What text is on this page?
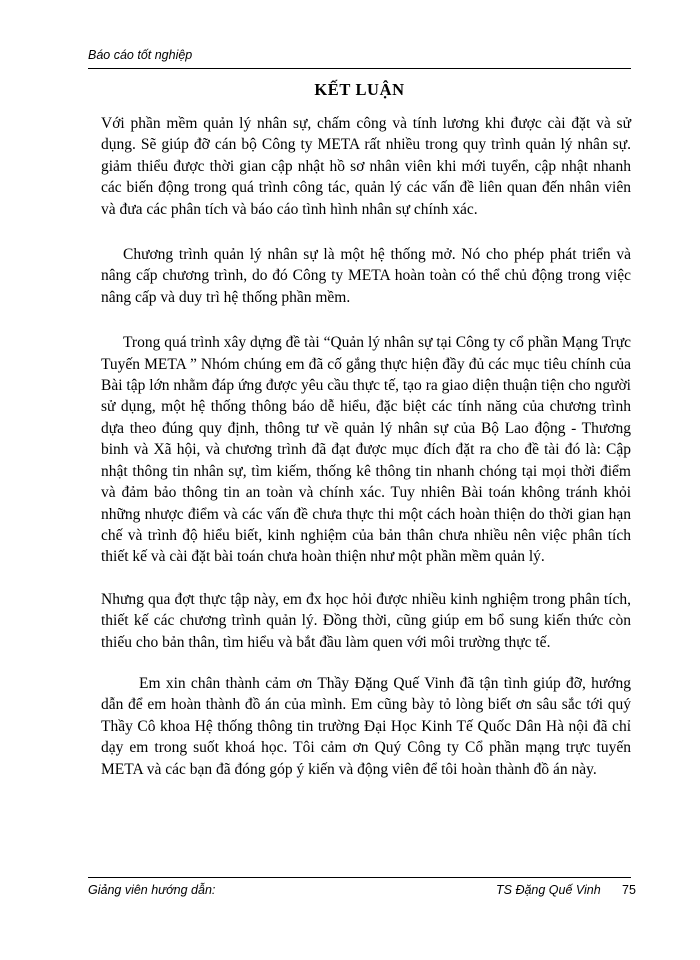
Báo cáo tốt nghiệp
KẾT LUẬN

Với phần mềm quản lý nhân sự, chấm công và tính lương khi được cài đặt và sử dụng. Sẽ giúp đỡ cán bộ Công ty META rất nhiều trong quy trình quản lý nhân sự. giảm thiểu được thời gian cập nhật hồ sơ nhân viên khi mới tuyển, cập nhật nhanh các biến động trong quá trình công tác, quản lý các vấn đề liên quan đến nhân viên và đưa các phân tích và báo cáo tình hình nhân sự chính xác.

Chương trình quản lý nhân sự là một hệ thống mở. Nó cho phép phát triển và nâng cấp chương trình, do đó Công ty META hoàn toàn có thể chủ động trong việc nâng cấp và duy trì hệ thống phần mềm.

Trong quá trình xây dựng đề tài “Quản lý nhân sự tại Công ty cổ phần Mạng Trực Tuyến META ” Nhóm chúng em đã cố gắng thực hiện đầy đủ các mục tiêu chính của Bài tập lớn nhằm đáp ứng được yêu cầu thực tế, tạo ra giao diện thuận tiện cho người sử dụng, một hệ thống thông báo dễ hiểu, đặc biệt các tính năng của chương trình dựa theo đúng quy định, thông tư về quản lý nhân sự của Bộ Lao động - Thương binh và Xã hội, và chương trình đã đạt được mục đích đặt ra cho đề tài đó là: Cập nhật thông tin nhân sự, tìm kiếm, thống kê thông tin nhanh chóng tại mọi thời điểm và đảm bảo thông tin an toàn và chính xác. Tuy nhiên Bài toán không tránh khỏi những nhược điểm và các vấn đề chưa thực thi một cách hoàn thiện do thời gian hạn chế và trình độ hiểu biết, kinh nghiệm của bản thân chưa nhiều nên việc phân tích thiết kế và cài đặt bài toán chưa hoàn thiện như một phần mềm quản lý.

Nhưng qua đợt thực tập này, em đx học hỏi được nhiều kinh nghiệm trong phân tích, thiết kế các chương trình quản lý. Đồng thời, cũng giúp em bổ sung kiến thức còn thiếu cho bản thân, tìm hiểu và bắt đầu làm quen với môi trường thực tế.

Em xin chân thành cảm ơn Thầy Đặng Quế Vinh đã tận tình giúp đỡ, hướng dẫn để em hoàn thành đồ án của mình. Em cũng bày tỏ lòng biết ơn sâu sắc tới quý Thầy Cô khoa Hệ thống thông tin trường Đại Học Kinh Tế Quốc Dân Hà nội đã chỉ dạy em trong suốt khoá học. Tôi cảm ơn Quý Công ty Cổ phần mạng trực tuyến META và các bạn đã đóng góp ý kiến và động viên để tôi hoàn thành đồ án này.

Giảng viên hướng dẫn:	TS Đặng Quế Vinh 75
